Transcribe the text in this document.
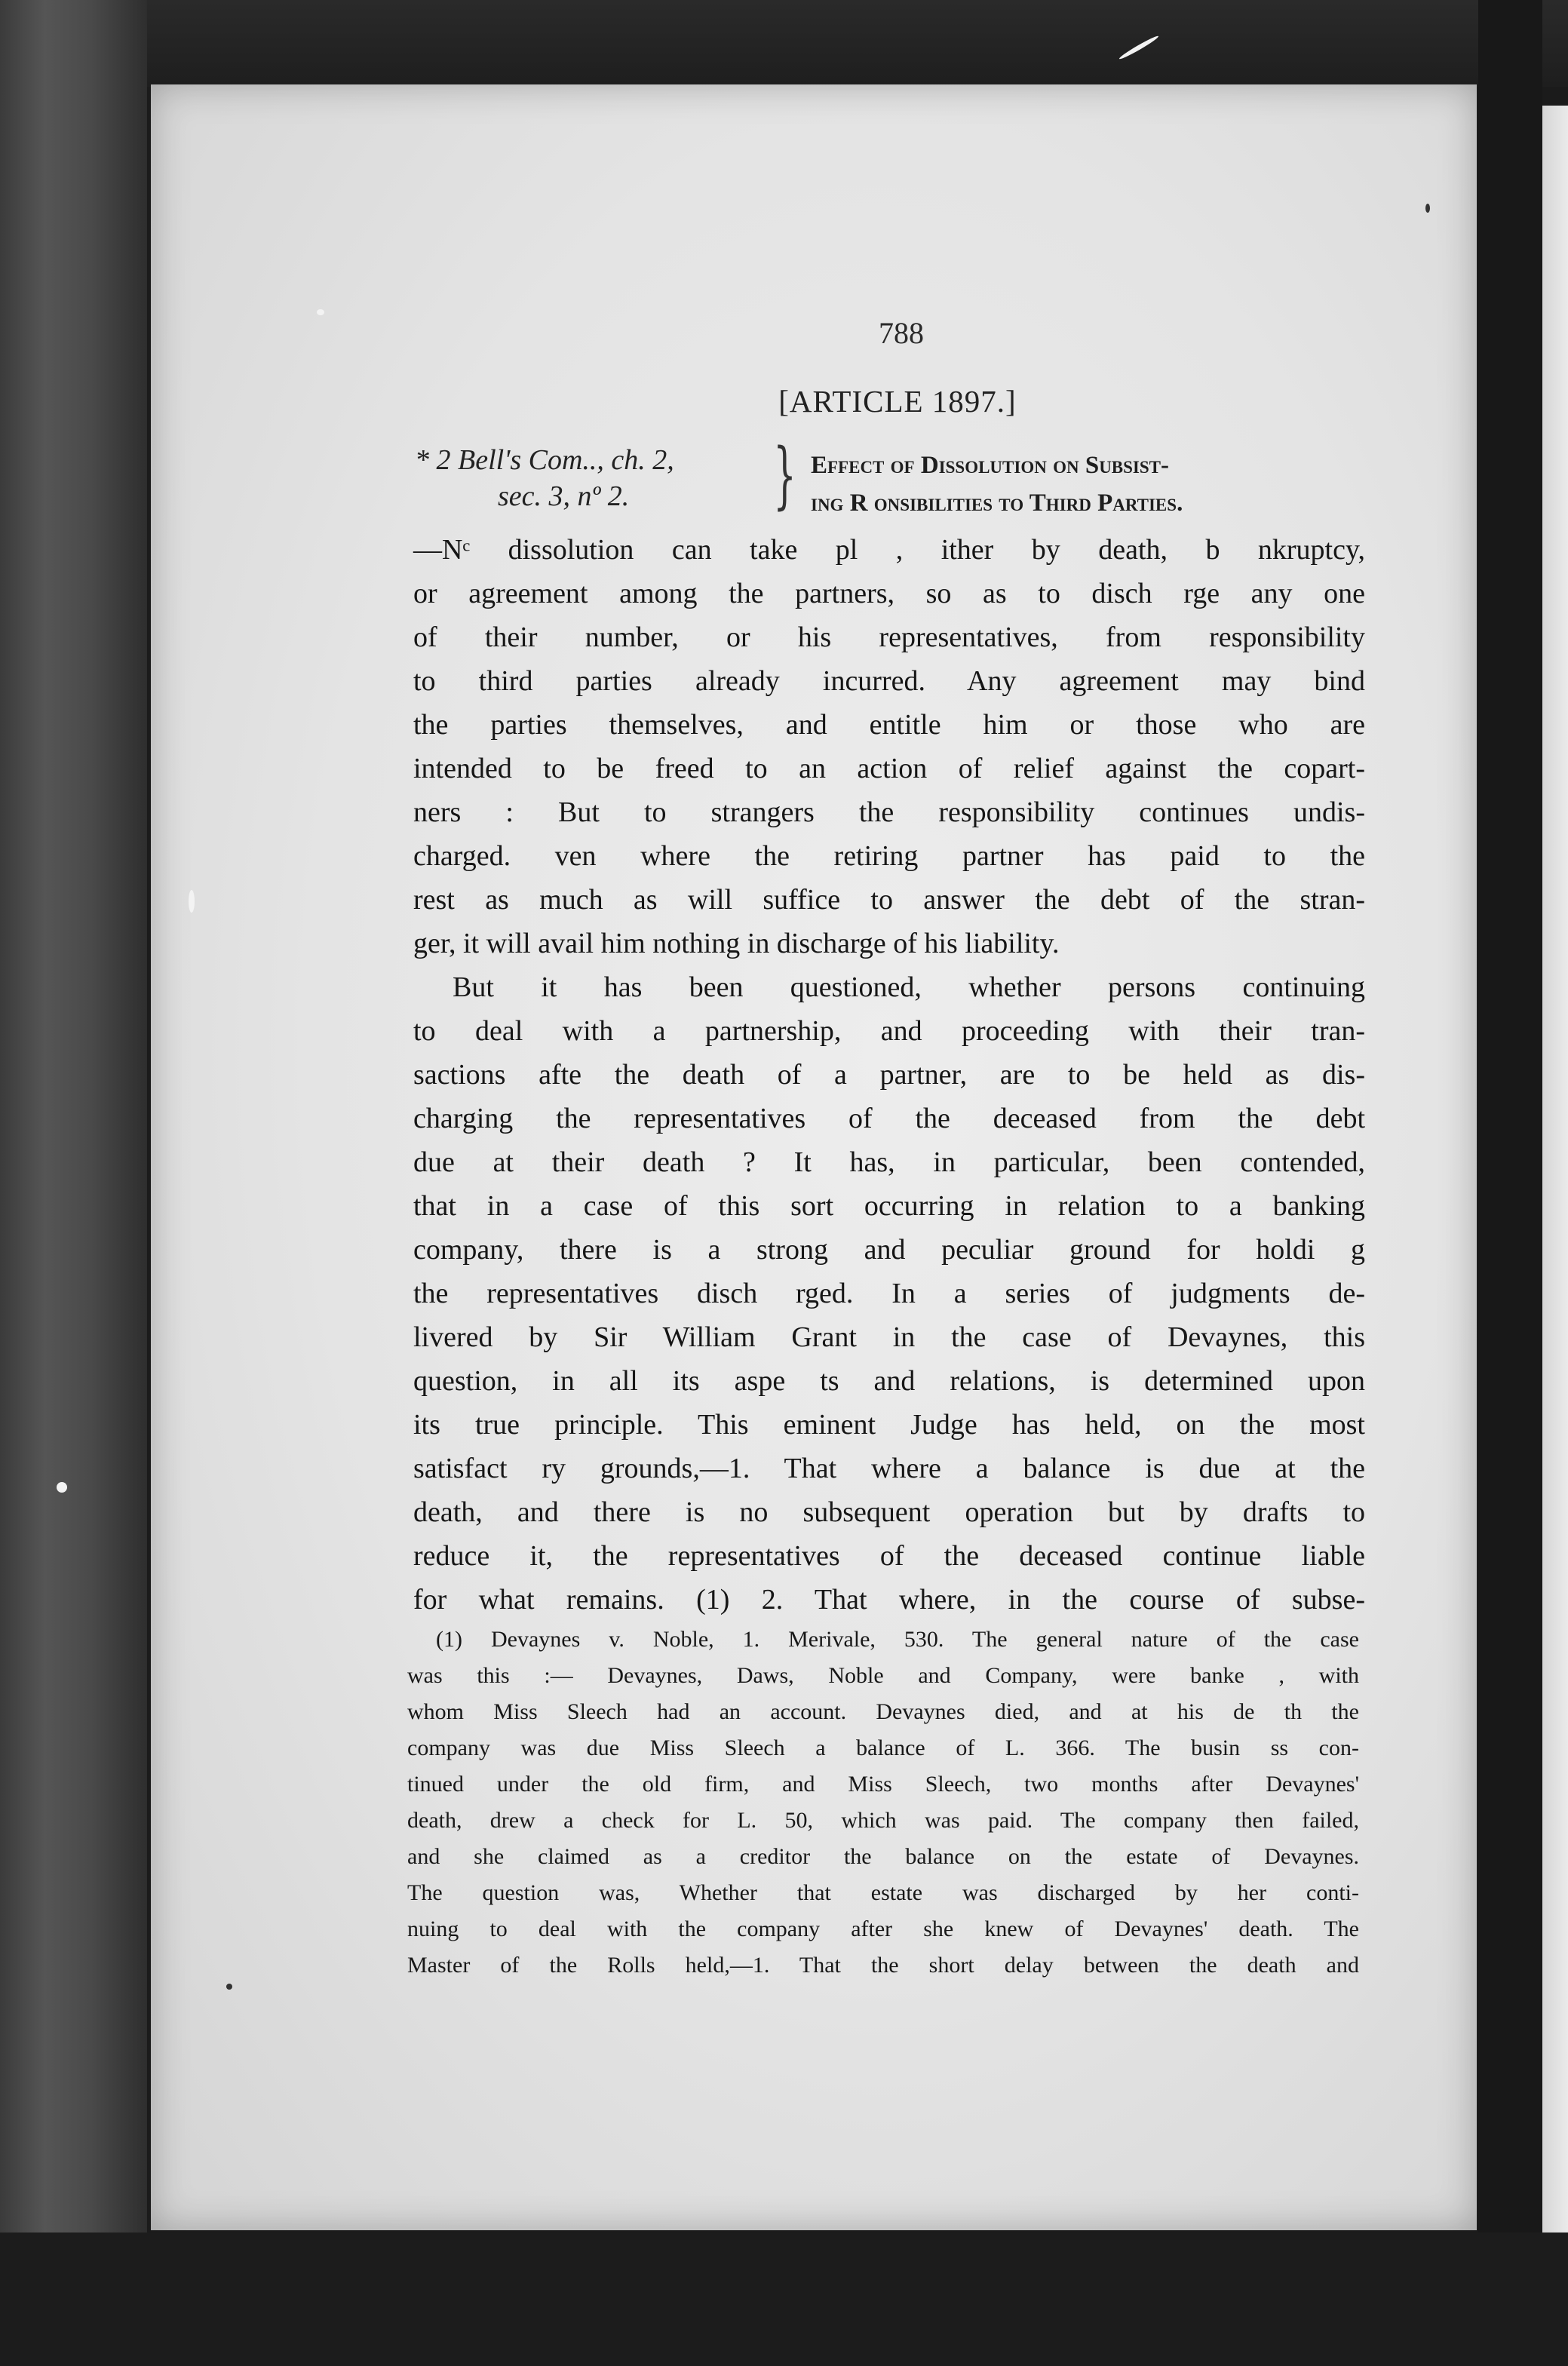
788
[ARTICLE 1897.]
* 2 Bell's Com.., ch. 2,
sec. 3, nº 2. } Effect of Dissolution on Subsist-
ing R onsibilities to Third Parties.
—Nᶜ dissolution can take pl , ither by death, b nkruptcy,
or agreement among the partners, so as to disch rge any one
of their number, or his representatives, from responsibility
to third parties already incurred. Any agreement may bind
the parties themselves, and entitle him or those who are
intended to be freed to an action of relief against the copart-
ners : But to strangers the responsibility continues undis-
charged. ven where the retiring partner has paid to the
rest as much as will suffice to answer the debt of the stran-
ger, it will avail him nothing in discharge of his liability.
But it has been questioned, whether persons continuing
to deal with a partnership, and proceeding with their tran-
sactions afte the death of a partner, are to be held as dis-
charging the representatives of the deceased from the debt
due at their death ? It has, in particular, been contended,
that in a case of this sort occurring in relation to a banking
company, there is a strong and peculiar ground for holdi g
the representatives disch rged. In a series of judgments de-
livered by Sir William Grant in the case of Devaynes, this
question, in all its aspe ts and relations, is determined upon
its true principle. This eminent Judge has held, on the most
satisfact ry grounds,—1. That where a balance is due at the
death, and there is no subsequent operation but by drafts to
reduce it, the representatives of the deceased continue liable
for what remains. (1) 2. That where, in the course of subse-
(1) Devaynes v. Noble, 1. Merivale, 530. The general nature of the case
was this :— Devaynes, Daws, Noble and Company, were banke , with
whom Miss Sleech had an account. Devaynes died, and at his de th the
company was due Miss Sleech a balance of L. 366. The busin ss con-
tinued under the old firm, and Miss Sleech, two months after Devaynes'
death, drew a check for L. 50, which was paid. The company then failed,
and she claimed as a creditor the balance on the estate of Devaynes.
The question was, Whether that estate was discharged by her conti-
nuing to deal with the company after she knew of Devaynes' death. The
Master of the Rolls held,—1. That the short delay between the death and
